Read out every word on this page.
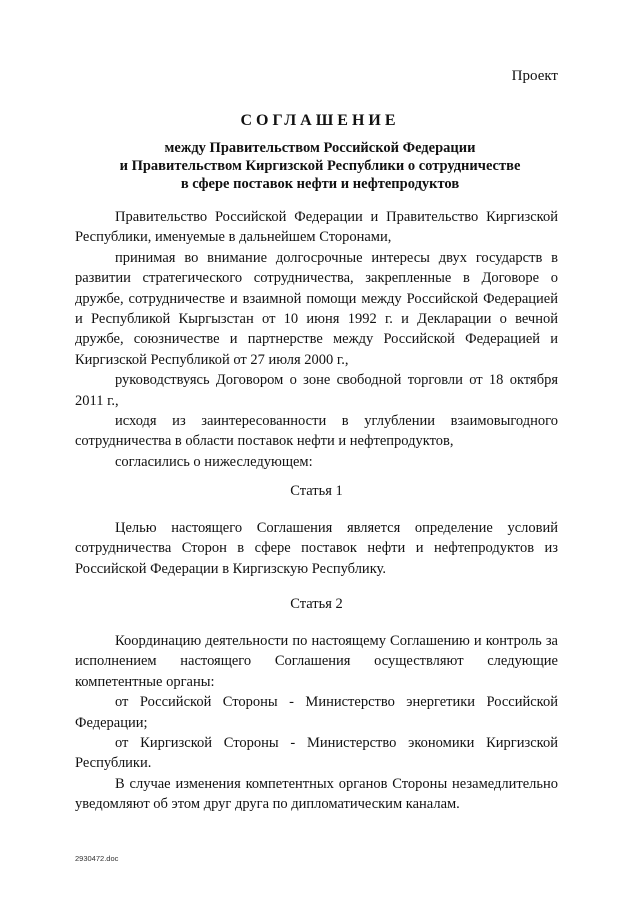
Проект
СОГЛАШЕНИЕ
между Правительством Российской Федерации
и Правительством Киргизской Республики о сотрудничестве
в сфере поставок нефти и нефтепродуктов

Правительство Российской Федерации и Правительство Киргизской Республики, именуемые в дальнейшем Сторонами,

принимая во внимание долгосрочные интересы двух государств в развитии стратегического сотрудничества, закрепленные в Договоре о дружбе, сотрудничестве и взаимной помощи между Российской Федерацией и Республикой Кыргызстан от 10 июня 1992 г. и Декларации о вечной дружбе, союзничестве и партнерстве между Российской Федерацией и Киргизской Республикой от 27 июля 2000 г.,

руководствуясь Договором о зоне свободной торговли от 18 октября 2011 г.,

исходя из заинтересованности в углублении взаимовыгодного сотрудничества в области поставок нефти и нефтепродуктов,

согласились о нижеследующем:

Статья 1

Целью настоящего Соглашения является определение условий сотрудничества Сторон в сфере поставок нефти и нефтепродуктов из Российской Федерации в Киргизскую Республику.

Статья 2

Координацию деятельности по настоящему Соглашению и контроль за исполнением настоящего Соглашения осуществляют следующие компетентные органы:

от Российской Стороны - Министерство энергетики Российской Федерации;

от Киргизской Стороны - Министерство экономики Киргизской Республики.

В случае изменения компетентных органов Стороны незамедлительно уведомляют об этом друг друга по дипломатическим каналам.

2930472.doc
